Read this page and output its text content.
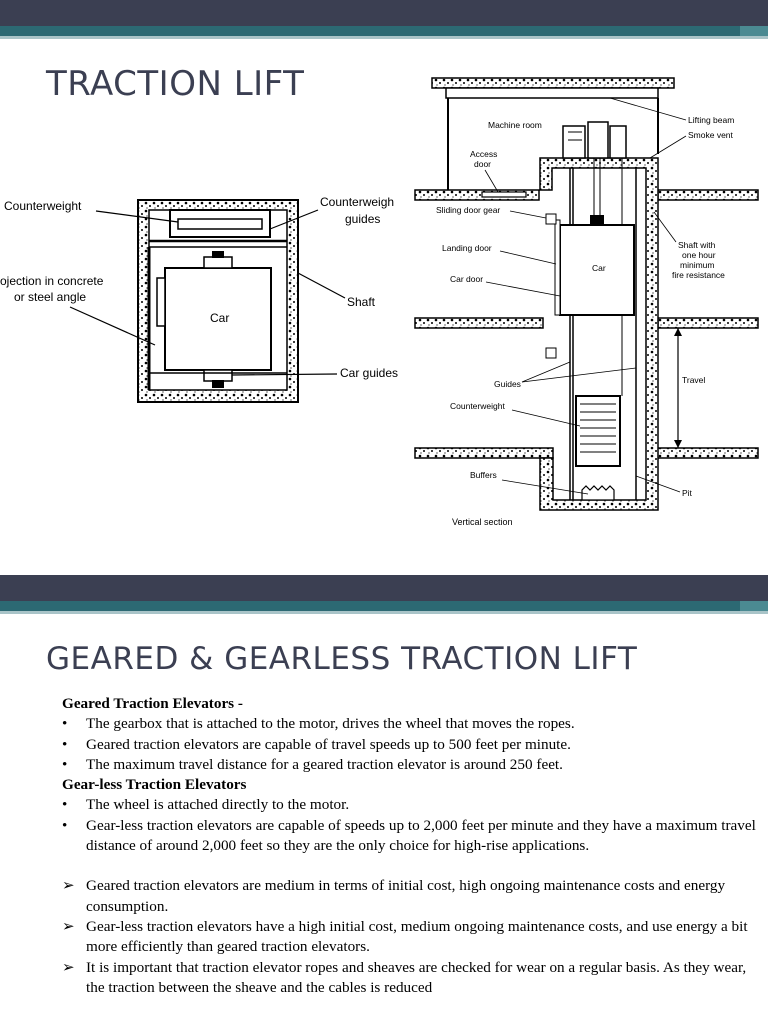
TRACTION LIFT
Counterweight	Counterweigh
guides
ojection in concrete
or steel angle
Car
Shaft
Car guides
Machine room
Access
door
Lifting beam
Smoke vent
Sliding door gear
Landing door
Car
Car door
Shaft with
one hour
minimum
fire resistance
Guides	Travel
Counterweight
Buffers
Pit
Vertical section
GEARED & GEARLESS TRACTION LIFT
Geared Traction Elevators -
•	The gearbox that is attached to the motor, drives the wheel that moves the ropes.
•	Geared traction elevators are capable of travel speeds up to 500 feet per minute.
•	The maximum travel distance for a geared traction elevator is around 250 feet.
Gear-less Traction Elevators
•	The wheel is attached directly to the motor.
•	Gear-less traction elevators are capable of speeds up to 2,000 feet per minute and they have a maximum travel distance of around 2,000 feet so they are the only choice for high-rise applications.
➢ Geared traction elevators are medium in terms of initial cost, high ongoing maintenance costs and energy consumption.
➢ Gear-less traction elevators have a high initial cost, medium ongoing maintenance costs, and use energy a bit more efficiently than geared traction elevators.
➢ It is important that traction elevator ropes and sheaves are checked for wear on a regular basis. As they wear, the traction between the sheave and the cables is reduced
